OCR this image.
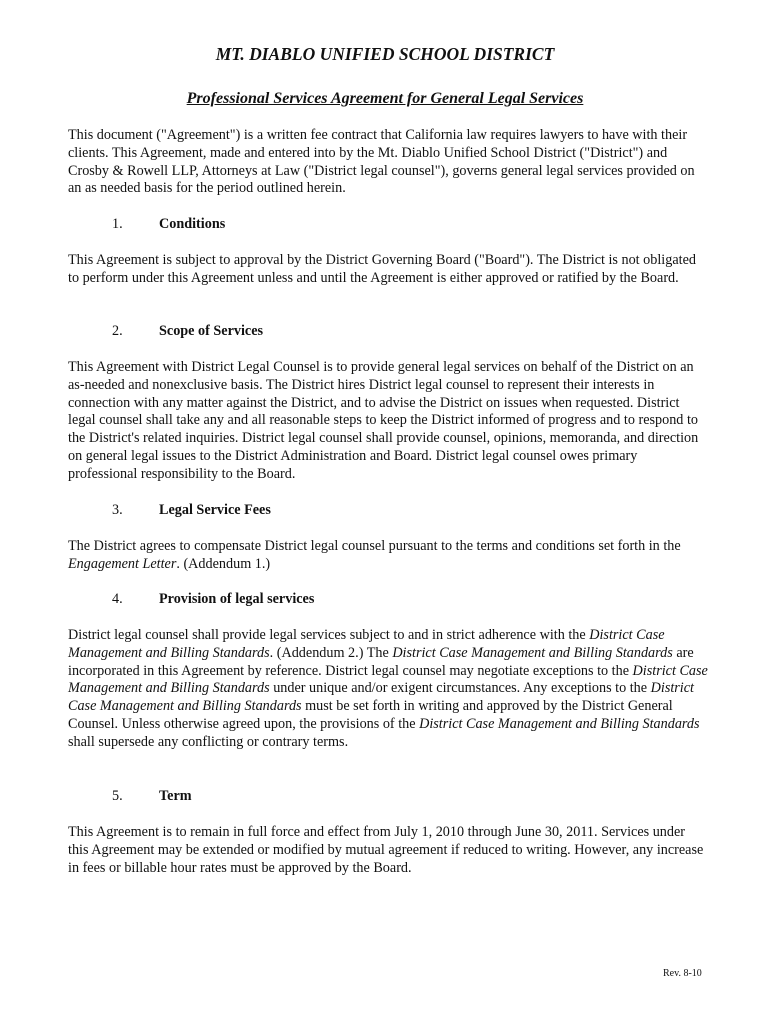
MT. DIABLO UNIFIED SCHOOL DISTRICT
Professional Services Agreement for General Legal Services

This document ("Agreement") is a written fee contract that California law requires lawyers to have with their clients. This Agreement, made and entered into by the Mt. Diablo Unified School District ("District") and Crosby & Rowell LLP, Attorneys at Law ("District legal counsel"), governs general legal services provided on an as needed basis for the period outlined herein.

1.	Conditions

This Agreement is subject to approval by the District Governing Board ("Board"). The District is not obligated to perform under this Agreement unless and until the Agreement is either approved or ratified by the Board.

2.	Scope of Services

This Agreement with District Legal Counsel is to provide general legal services on behalf of the District on an as-needed and nonexclusive basis. The District hires District legal counsel to represent their interests in connection with any matter against the District, and to advise the District on issues when requested. District legal counsel shall take any and all reasonable steps to keep the District informed of progress and to respond to the District's related inquiries. District legal counsel shall provide counsel, opinions, memoranda, and direction on general legal issues to the District Administration and Board. District legal counsel owes primary professional responsibility to the Board.

3.	Legal Service Fees

The District agrees to compensate District legal counsel pursuant to the terms and conditions set forth in the Engagement Letter. (Addendum 1.)

4.	Provision of legal services

District legal counsel shall provide legal services subject to and in strict adherence with the District Case Management and Billing Standards. (Addendum 2.) The District Case Management and Billing Standards are incorporated in this Agreement by reference. District legal counsel may negotiate exceptions to the District Case Management and Billing Standards under unique and/or exigent circumstances. Any exceptions to the District Case Management and Billing Standards must be set forth in writing and approved by the District General Counsel. Unless otherwise agreed upon, the provisions of the District Case Management and Billing Standards shall supersede any conflicting or contrary terms.

5.	Term

This Agreement is to remain in full force and effect from July 1, 2010 through June 30, 2011. Services under this Agreement may be extended or modified by mutual agreement if reduced to writing. However, any increase in fees or billable hour rates must be approved by the Board.

Rev. 8-10
